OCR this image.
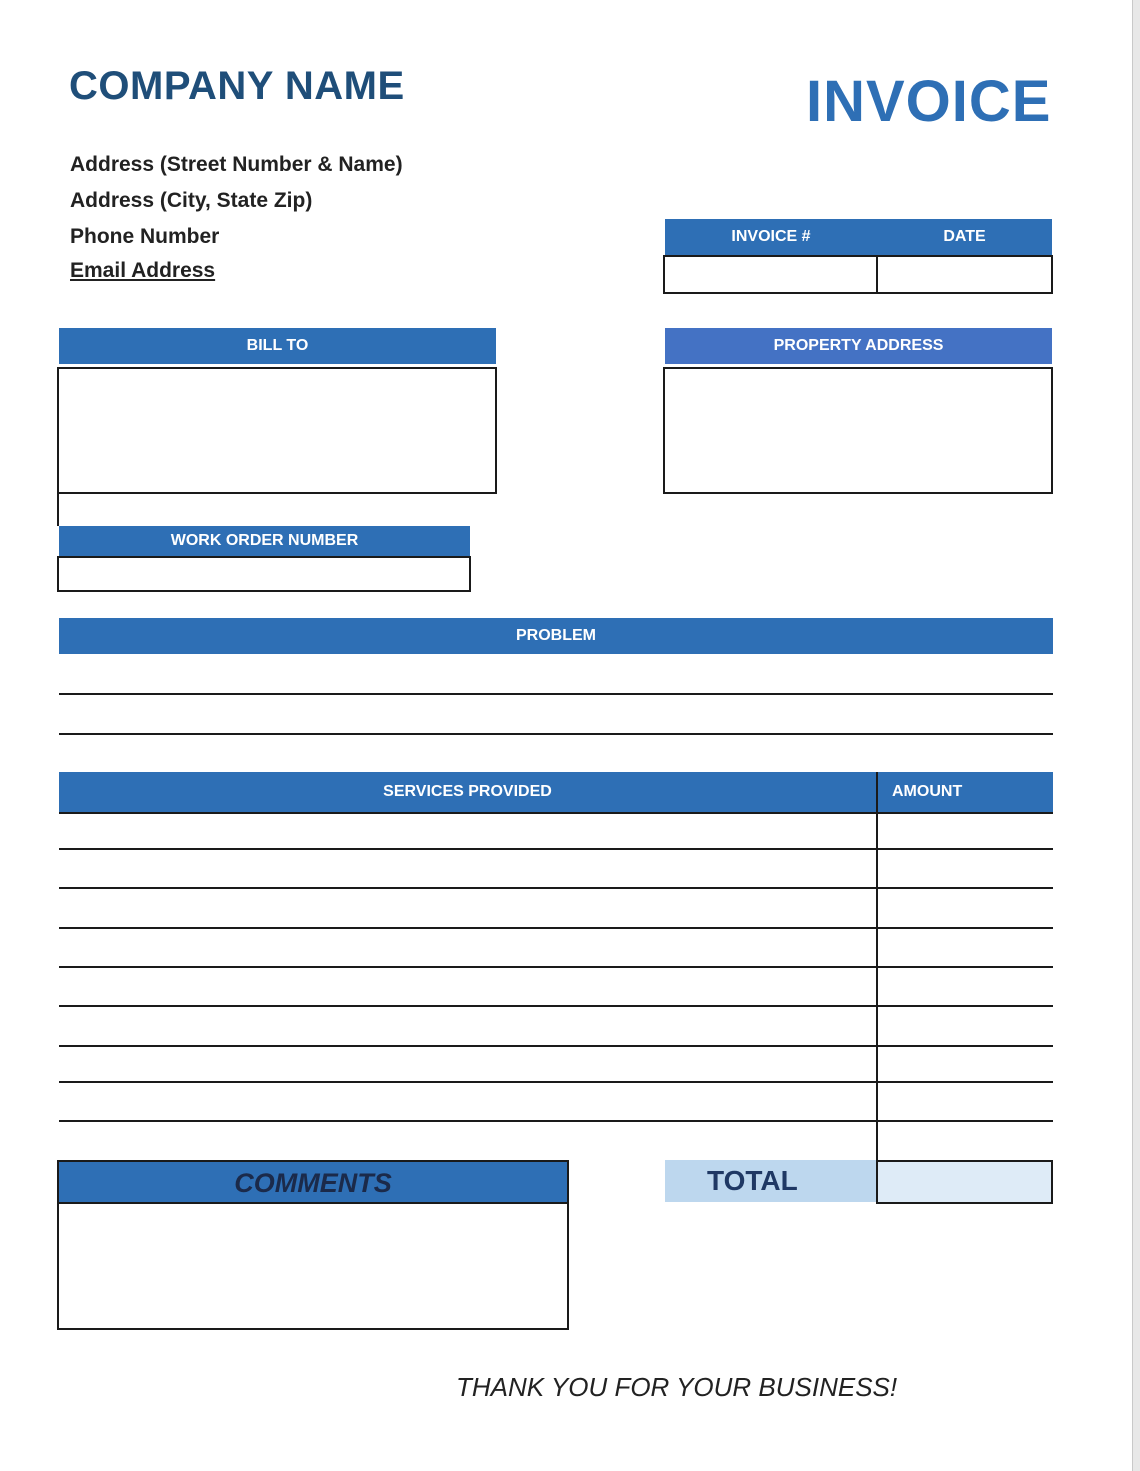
COMPANY NAME	INVOICE
Address (Street Number & Name)
Address (City, State Zip)
Phone Number
Email Address
INVOICE #	DATE
BILL TO	PROPERTY ADDRESS
WORK ORDER NUMBER
PROBLEM
SERVICES PROVIDED	AMOUNT
COMMENTS	TOTAL
THANK YOU FOR YOUR BUSINESS!
